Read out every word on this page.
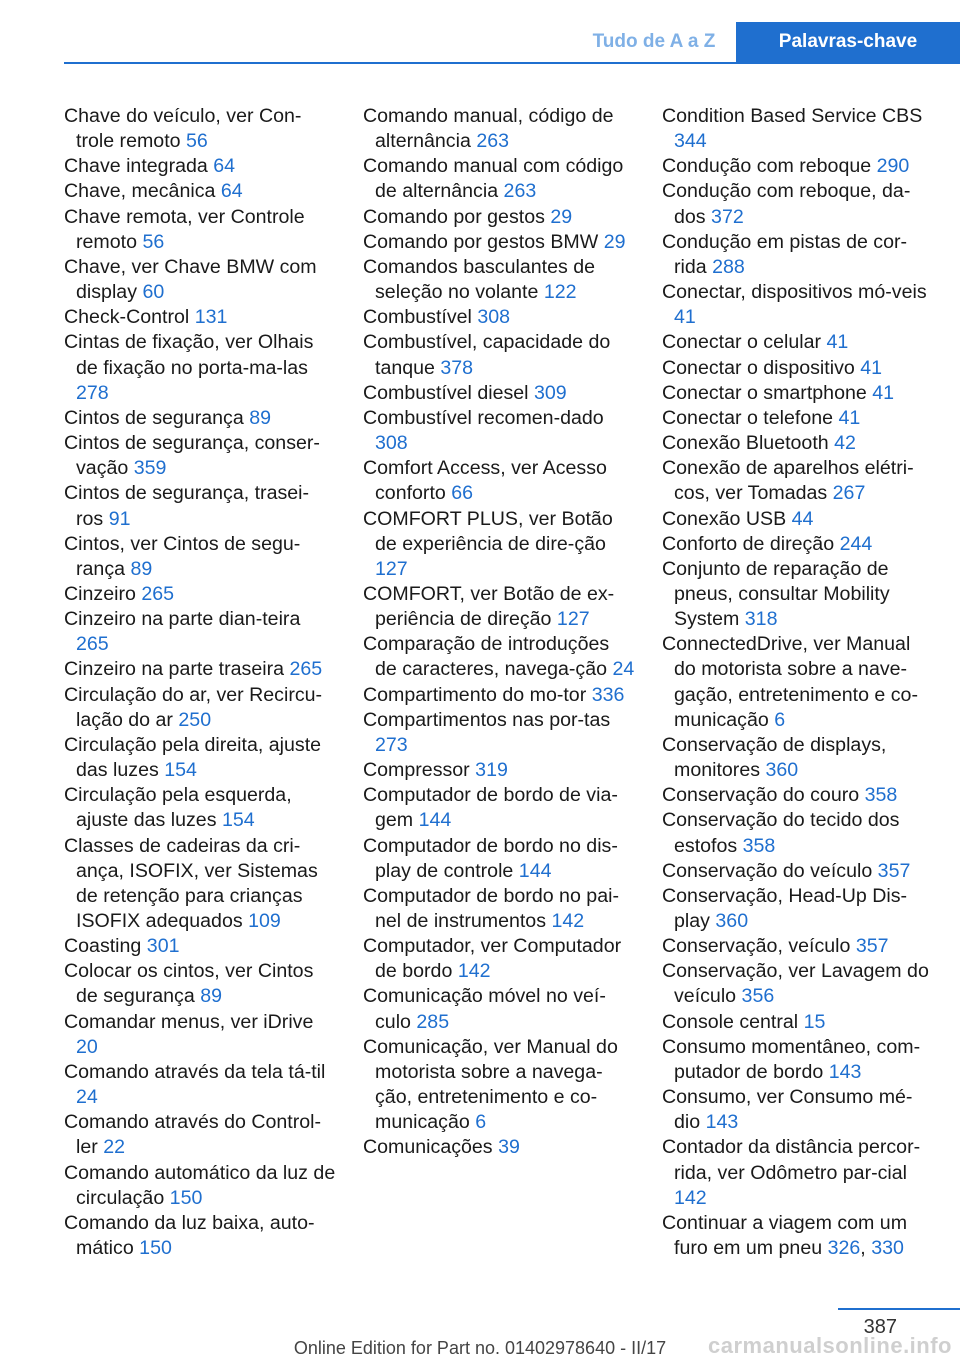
Tudo de A a Z	Palavras-chave
Chave do veículo, ver Con-trole remoto 56
Chave integrada 64
Chave, mecânica 64
Chave remota, ver Controle remoto 56
Chave, ver Chave BMW com display 60
Check-Control 131
Cintas de fixação, ver Olhais de fixação no porta-ma-las 278
Cintos de segurança 89
Cintos de segurança, conser-vação 359
Cintos de segurança, trasei-ros 91
Cintos, ver Cintos de segu-rança 89
Cinzeiro 265
Cinzeiro na parte dian-teira 265
Cinzeiro na parte traseira 265
Circulação do ar, ver Recircu-lação do ar 250
Circulação pela direita, ajuste das luzes 154
Circulação pela esquerda, ajuste das luzes 154
Classes de cadeiras da cri-ança, ISOFIX, ver Sistemas de retenção para crianças ISOFIX adequados 109
Coasting 301
Colocar os cintos, ver Cintos de segurança 89
Comandar menus, ver iDrive 20
Comando através da tela tá-til 24
Comando através do Control-ler 22
Comando automático da luz de circulação 150
Comando da luz baixa, auto-mático 150
Comando manual, código de alternância 263
Comando manual com código de alternância 263
Comando por gestos 29
Comando por gestos BMW 29
Comandos basculantes de seleção no volante 122
Combustível 308
Combustível, capacidade do tanque 378
Combustível diesel 309
Combustível recomen-dado 308
Comfort Access, ver Acesso conforto 66
COMFORT PLUS, ver Botão de experiência de dire-ção 127
COMFORT, ver Botão de ex-periência de direção 127
Comparação de introduções de caracteres, navega-ção 24
Compartimento do mo-tor 336
Compartimentos nas por-tas 273
Compressor 319
Computador de bordo de via-gem 144
Computador de bordo no dis-play de controle 144
Computador de bordo no pai-nel de instrumentos 142
Computador, ver Computador de bordo 142
Comunicação móvel no veí-culo 285
Comunicação, ver Manual do motorista sobre a navega-ção, entretenimento e co-municação 6
Comunicações 39
Condition Based Service CBS 344
Condução com reboque 290
Condução com reboque, da-dos 372
Condução em pistas de cor-rida 288
Conectar, dispositivos mó-veis 41
Conectar o celular 41
Conectar o dispositivo 41
Conectar o smartphone 41
Conectar o telefone 41
Conexão Bluetooth 42
Conexão de aparelhos elétri-cos, ver Tomadas 267
Conexão USB 44
Conforto de direção 244
Conjunto de reparação de pneus, consultar Mobility System 318
ConnectedDrive, ver Manual do motorista sobre a nave-gação, entretenimento e co-municação 6
Conservação de displays, monitores 360
Conservação do couro 358
Conservação do tecido dos estofos 358
Conservação do veículo 357
Conservação, Head-Up Dis-play 360
Conservação, veículo 357
Conservação, ver Lavagem do veículo 356
Console central 15
Consumo momentâneo, com-putador de bordo 143
Consumo, ver Consumo mé-dio 143
Contador da distância percor-rida, ver Odômetro par-cial 142
Continuar a viagem com um furo em um pneu 326, 330
387
Online Edition for Part no. 01402978640 - II/17	carmanualsonline.info
